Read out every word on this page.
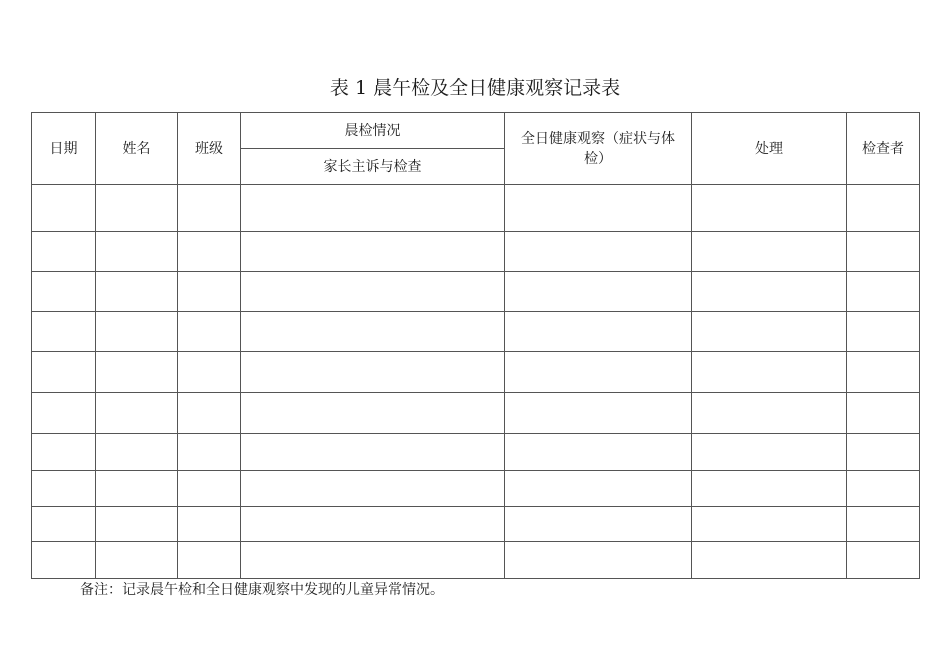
表 1 晨午检及全日健康观察记录表
日期	姓名	班级	晨检情况	全日健康观察（症状与体检）	处理	检查者
			家长主诉与检查			

备注：记录晨午检和全日健康观察中发现的儿童异常情况。
